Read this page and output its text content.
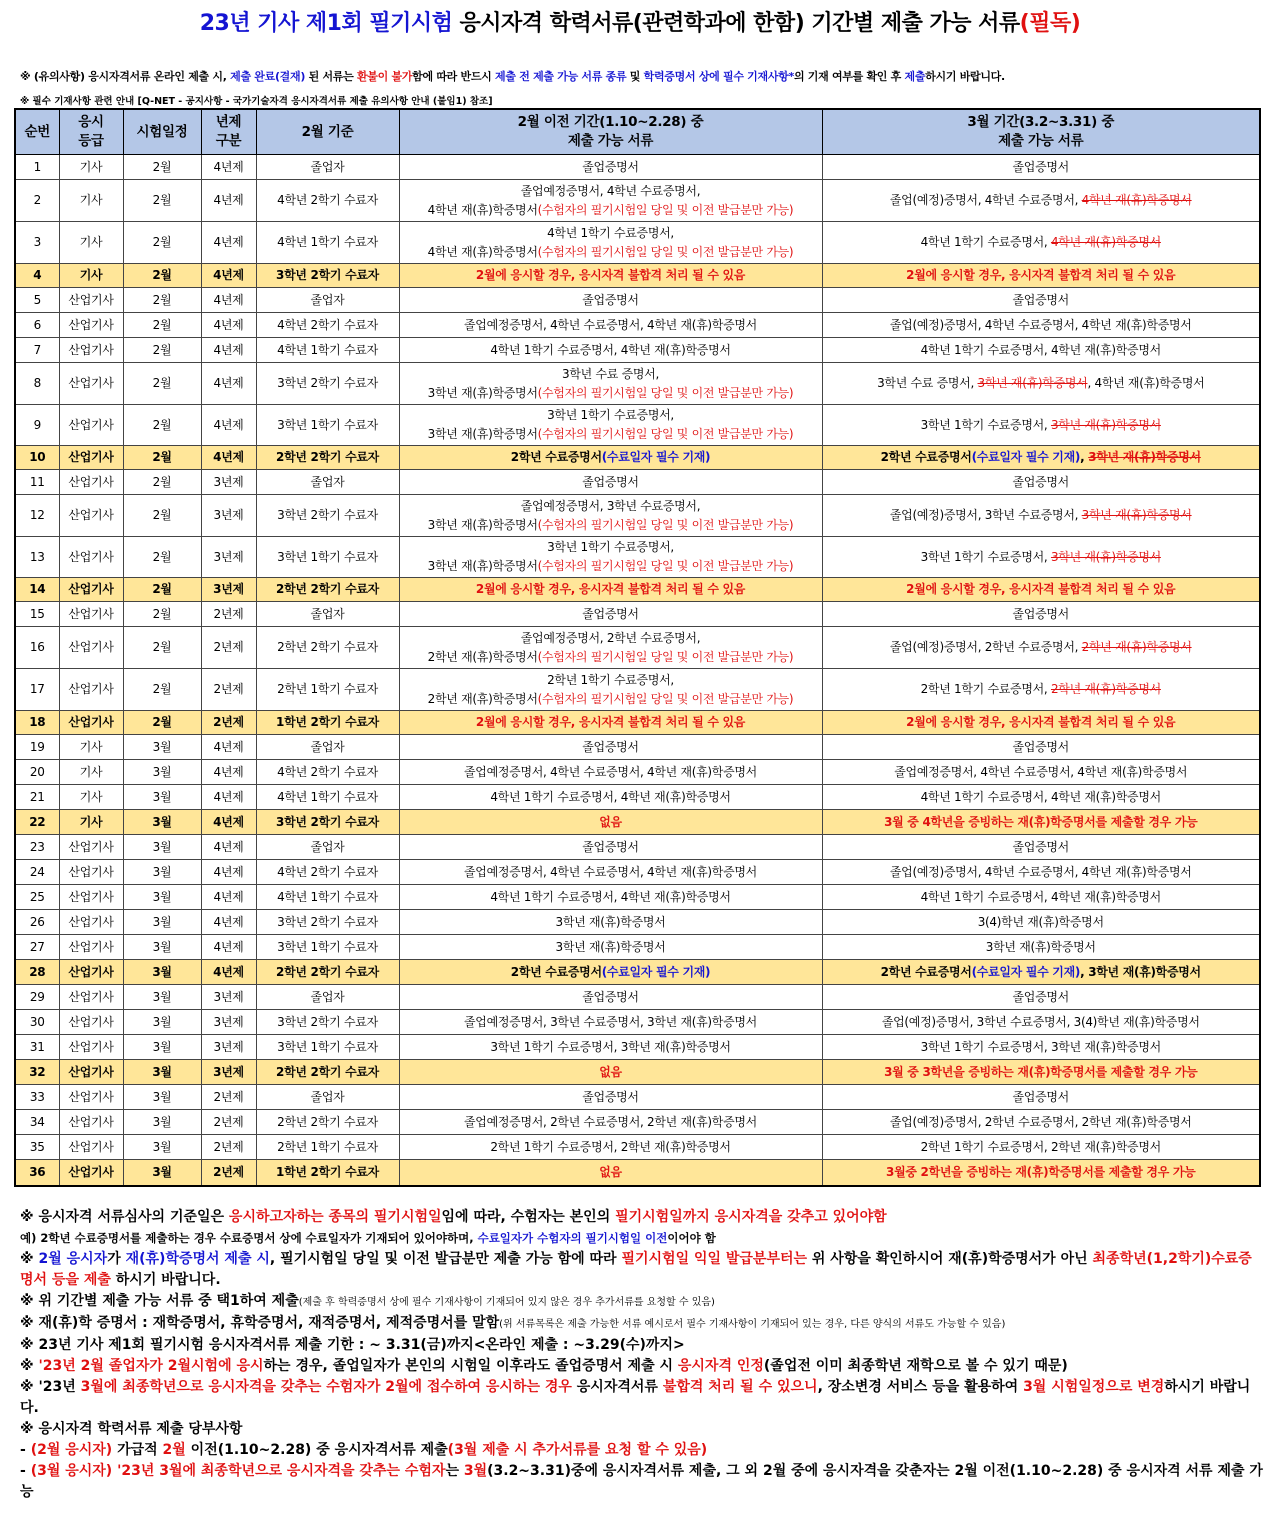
23년 기사 제1회 필기시험 응시자격 학력서류(관련학과에 한함) 기간별 제출 가능 서류(필독)
※ (유의사항) 응시자격서류 온라인 제출 시, 제출 완료(결재) 된 서류는 환불이 불가함에 따라 반드시 제출 전 제출 가능 서류 종류 및 학력증명서 상에 필수 기재사항*의 기재 여부를 확인 후 제출하시기 바랍니다.
※ 필수 기재사항 관련 안내 [Q-NET - 공지사항 - 국가기술자격 응시자격서류 제출 유의사항 안내 (붙임1) 참조]
순번	응시
등급	시험일정	년제
구분	2월 기준	2월 이전 기간(1.10~2.28) 중
제출 가능 서류	3월 기간(3.2~3.31) 중
제출 가능 서류
1	기사	2월	4년제	졸업자	졸업증명서	졸업증명서
2	기사	2월	4년제	4학년 2학기 수료자	졸업예정증명서, 4학년 수료증명서,
4학년 재(휴)학증명서(수험자의 필기시험일 당일 및 이전 발급분만 가능)	졸업(예정)증명서, 4학년 수료증명서, 4학년 재(휴)학증명서
3	기사	2월	4년제	4학년 1학기 수료자	4학년 1학기 수료증명서,
4학년 재(휴)학증명서(수험자의 필기시험일 당일 및 이전 발급분만 가능)	4학년 1학기 수료증명서, 4학년 재(휴)학증명서
4	기사	2월	4년제	3학년 2학기 수료자	2월에 응시할 경우, 응시자격 불합격 처리 될 수 있음	2월에 응시할 경우, 응시자격 불합격 처리 될 수 있음
5	산업기사	2월	4년제	졸업자	졸업증명서	졸업증명서
6	산업기사	2월	4년제	4학년 2학기 수료자	졸업예정증명서, 4학년 수료증명서, 4학년 재(휴)학증명서	졸업(예정)증명서, 4학년 수료증명서, 4학년 재(휴)학증명서
7	산업기사	2월	4년제	4학년 1학기 수료자	4학년 1학기 수료증명서, 4학년 재(휴)학증명서	4학년 1학기 수료증명서, 4학년 재(휴)학증명서
8	산업기사	2월	4년제	3학년 2학기 수료자	3학년 수료 증명서,
3학년 재(휴)학증명서(수험자의 필기시험일 당일 및 이전 발급분만 가능)	3학년 수료 증명서, 3학년 재(휴)학증명서, 4학년 재(휴)학증명서
9	산업기사	2월	4년제	3학년 1학기 수료자	3학년 1학기 수료증명서,
3학년 재(휴)학증명서(수험자의 필기시험일 당일 및 이전 발급분만 가능)	3학년 1학기 수료증명서, 3학년 재(휴)학증명서
10	산업기사	2월	4년제	2학년 2학기 수료자	2학년 수료증명서(수료일자 필수 기재)	2학년 수료증명서(수료일자 필수 기재), 3학년 재(휴)학증명서
11	산업기사	2월	3년제	졸업자	졸업증명서	졸업증명서
12	산업기사	2월	3년제	3학년 2학기 수료자	졸업예정증명서, 3학년 수료증명서,
3학년 재(휴)학증명서(수험자의 필기시험일 당일 및 이전 발급분만 가능)	졸업(예정)증명서, 3학년 수료증명서, 3학년 재(휴)학증명서
13	산업기사	2월	3년제	3학년 1학기 수료자	3학년 1학기 수료증명서,
3학년 재(휴)학증명서(수험자의 필기시험일 당일 및 이전 발급분만 가능)	3학년 1학기 수료증명서, 3학년 재(휴)학증명서
14	산업기사	2월	3년제	2학년 2학기 수료자	2월에 응시할 경우, 응시자격 불합격 처리 될 수 있음	2월에 응시할 경우, 응시자격 불합격 처리 될 수 있음
15	산업기사	2월	2년제	졸업자	졸업증명서	졸업증명서
16	산업기사	2월	2년제	2학년 2학기 수료자	졸업예정증명서, 2학년 수료증명서,
2학년 재(휴)학증명서(수험자의 필기시험일 당일 및 이전 발급분만 가능)	졸업(예정)증명서, 2학년 수료증명서, 2학년 재(휴)학증명서
17	산업기사	2월	2년제	2학년 1학기 수료자	2학년 1학기 수료증명서,
2학년 재(휴)학증명서(수험자의 필기시험일 당일 및 이전 발급분만 가능)	2학년 1학기 수료증명서, 2학년 재(휴)학증명서
18	산업기사	2월	2년제	1학년 2학기 수료자	2월에 응시할 경우, 응시자격 불합격 처리 될 수 있음	2월에 응시할 경우, 응시자격 불합격 처리 될 수 있음
19	기사	3월	4년제	졸업자	졸업증명서	졸업증명서
20	기사	3월	4년제	4학년 2학기 수료자	졸업예정증명서, 4학년 수료증명서, 4학년 재(휴)학증명서	졸업예정증명서, 4학년 수료증명서, 4학년 재(휴)학증명서
21	기사	3월	4년제	4학년 1학기 수료자	4학년 1학기 수료증명서, 4학년 재(휴)학증명서	4학년 1학기 수료증명서, 4학년 재(휴)학증명서
22	기사	3월	4년제	3학년 2학기 수료자	없음	3월 중 4학년을 증빙하는 재(휴)학증명서를 제출할 경우 가능
23	산업기사	3월	4년제	졸업자	졸업증명서	졸업증명서
24	산업기사	3월	4년제	4학년 2학기 수료자	졸업예정증명서, 4학년 수료증명서, 4학년 재(휴)학증명서	졸업(예정)증명서, 4학년 수료증명서, 4학년 재(휴)학증명서
25	산업기사	3월	4년제	4학년 1학기 수료자	4학년 1학기 수료증명서, 4학년 재(휴)학증명서	4학년 1학기 수료증명서, 4학년 재(휴)학증명서
26	산업기사	3월	4년제	3학년 2학기 수료자	3학년 재(휴)학증명서	3(4)학년 재(휴)학증명서
27	산업기사	3월	4년제	3학년 1학기 수료자	3학년 재(휴)학증명서	3학년 재(휴)학증명서
28	산업기사	3월	4년제	2학년 2학기 수료자	2학년 수료증명서(수료일자 필수 기재)	2학년 수료증명서(수료일자 필수 기재), 3학년 재(휴)학증명서
29	산업기사	3월	3년제	졸업자	졸업증명서	졸업증명서
30	산업기사	3월	3년제	3학년 2학기 수료자	졸업예정증명서, 3학년 수료증명서, 3학년 재(휴)학증명서	졸업(예정)증명서, 3학년 수료증명서, 3(4)학년 재(휴)학증명서
31	산업기사	3월	3년제	3학년 1학기 수료자	3학년 1학기 수료증명서, 3학년 재(휴)학증명서	3학년 1학기 수료증명서, 3학년 재(휴)학증명서
32	산업기사	3월	3년제	2학년 2학기 수료자	없음	3월 중 3학년을 증빙하는 재(휴)학증명서를 제출할 경우 가능
33	산업기사	3월	2년제	졸업자	졸업증명서	졸업증명서
34	산업기사	3월	2년제	2학년 2학기 수료자	졸업예정증명서, 2학년 수료증명서, 2학년 재(휴)학증명서	졸업(예정)증명서, 2학년 수료증명서, 2학년 재(휴)학증명서
35	산업기사	3월	2년제	2학년 1학기 수료자	2학년 1학기 수료증명서, 2학년 재(휴)학증명서	2학년 1학기 수료증명서, 2학년 재(휴)학증명서
36	산업기사	3월	2년제	1학년 2학기 수료자	없음	3월중 2학년을 증빙하는 재(휴)학증명서를 제출할 경우 가능
※ 응시자격 서류심사의 기준일은 응시하고자하는 종목의 필기시험일임에 따라, 수험자는 본인의 필기시험일까지 응시자격을 갖추고 있어야함
예) 2학년 수료증명서를 제출하는 경우 수료증명서 상에 수료일자가 기재되어 있어야하며, 수료일자가 수험자의 필기시험일 이전이어야 함
※ 2월 응시자가 재(휴)학증명서 제출 시, 필기시험일 당일 및 이전 발급분만 제출 가능 함에 따라 필기시험일 익일 발급분부터는 위 사항을 확인하시어 재(휴)학증명서가 아닌 최종학년(1,2학기)수료증명서 등을 제출 하시기 바랍니다.
※ 위 기간별 제출 가능 서류 중 택1하여 제출(제출 후 학력증명서 상에 필수 기재사항이 기재되어 있지 않은 경우 추가서류를 요청할 수 있음)
※ 재(휴)학 증명서 : 재학증명서, 휴학증명서, 재적증명서, 제적증명서를 말함(위 서류목록은 제출 가능한 서류 예시로서 필수 기재사항이 기재되어 있는 경우, 다른 양식의 서류도 가능할 수 있음)
※ 23년 기사 제1회 필기시험 응시자격서류 제출 기한 : ~ 3.31(금)까지<온라인 제출 : ~3.29(수)까지>
※ '23년 2월 졸업자가 2월시험에 응시하는 경우, 졸업일자가 본인의 시험일 이후라도 졸업증명서 제출 시 응시자격 인정(졸업전 이미 최종학년 재학으로 볼 수 있기 때문)
※ '23년 3월에 최종학년으로 응시자격을 갖추는 수험자가 2월에 접수하여 응시하는 경우 응시자격서류 불합격 처리 될 수 있으니, 장소변경 서비스 등을 활용하여 3월 시험일정으로 변경하시기 바랍니다.
※ 응시자격 학력서류 제출 당부사항
- (2월 응시자) 가급적 2월 이전(1.10~2.28) 중 응시자격서류 제출(3월 제출 시 추가서류를 요청 할 수 있음)
- (3월 응시자) '23년 3월에 최종학년으로 응시자격을 갖추는 수험자는 3월(3.2~3.31)중에 응시자격서류 제출, 그 외 2월 중에 응시자격을 갖춘자는 2월 이전(1.10~2.28) 중 응시자격 서류 제출 가능
